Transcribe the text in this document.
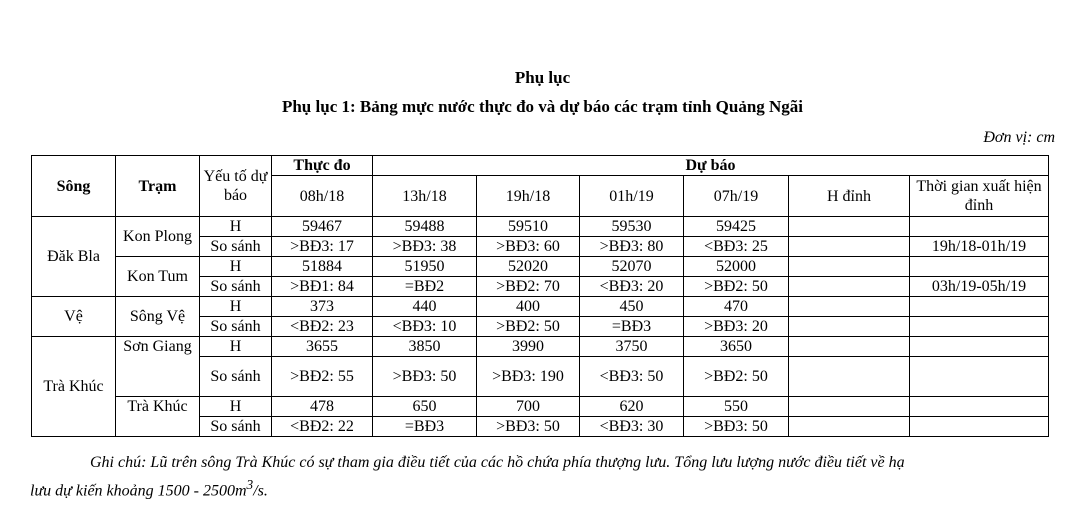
Phụ lục
Phụ lục 1: Bảng mực nước thực đo và dự báo các trạm tỉnh Quảng Ngãi
Đơn vị: cm
Sông	Trạm	Yếu tố dự báo	Thực đo	Dự báo					
			08h/18	13h/18	19h/18	01h/19	07h/19	H đỉnh	Thời gian xuất hiện đỉnh
Đăk Bla	Kon Plong	H	59467	59488	59510	59530	59425		
		So sánh	>BĐ3: 17	>BĐ3: 38	>BĐ3: 60	>BĐ3: 80	<BĐ3: 25		19h/18-01h/19
	Kon Tum	H	51884	51950	52020	52070	52000		
		So sánh	>BĐ1: 84	=BĐ2	>BĐ2: 70	<BĐ3: 20	>BĐ2: 50		03h/19-05h/19
Vệ	Sông Vệ	H	373	440	400	450	470		
		So sánh	<BĐ2: 23	<BĐ3: 10	>BĐ2: 50	=BĐ3	>BĐ3: 20		
Trà Khúc	Sơn Giang	H	3655	3850	3990	3750	3650		
		So sánh	>BĐ2: 55	>BĐ3: 50	>BĐ3: 190	<BĐ3: 50	>BĐ2: 50		
	Trà Khúc	H	478	650	700	620	550		
		So sánh	<BĐ2: 22	=BĐ3	>BĐ3: 50	<BĐ3: 30	>BĐ3: 50		

Ghi chú: Lũ trên sông Trà Khúc có sự tham gia điều tiết của các hồ chứa phía thượng lưu. Tổng lưu lượng nước điều tiết về hạ

lưu dự kiến khoảng $1500 - 2500m^3/s$.
